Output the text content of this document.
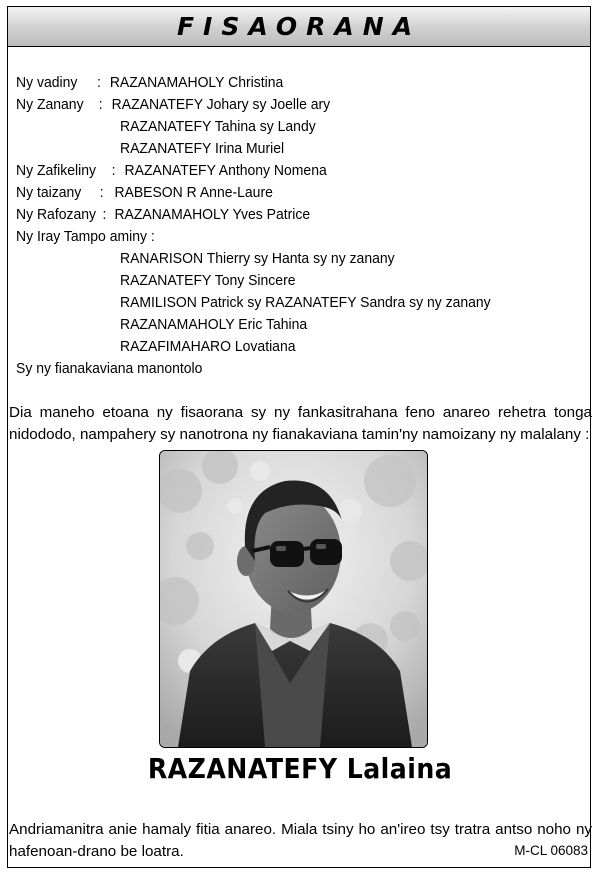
FISAORANA
Ny vadiny : RAZANAMAHOLY Christina
Ny Zanany : RAZANATEFY Johary sy Joelle ary
RAZANATEFY Tahina sy Landy
RAZANATEFY Irina Muriel
Ny Zafikeliny : RAZANATEFY Anthony Nomena
Ny taizany : RABESON R Anne-Laure
Ny Rafozany : RAZANAMAHOLY Yves Patrice
Ny Iray Tampo aminy :
RANARISON Thierry sy Hanta sy ny zanany
RAZANATEFY Tony Sincere
RAMILISON Patrick sy RAZANATEFY Sandra sy ny zanany
RAZANAMAHOLY Eric Tahina
RAZAFIMAHARO Lovatiana
Sy ny fianakaviana manontolo
Dia maneho etoana ny fisaorana sy ny fankasitrahana feno anareo rehetra tonga nidododo, nampahery sy nanotrona ny fianakaviana tamin'ny namoizany ny malalany :
RAZANATEFY Lalaina
Andriamanitra anie hamaly fitia anareo. Miala tsiny ho an'ireo tsy tratra antso noho ny hafenoan-drano be loatra.	M-CL 06083
